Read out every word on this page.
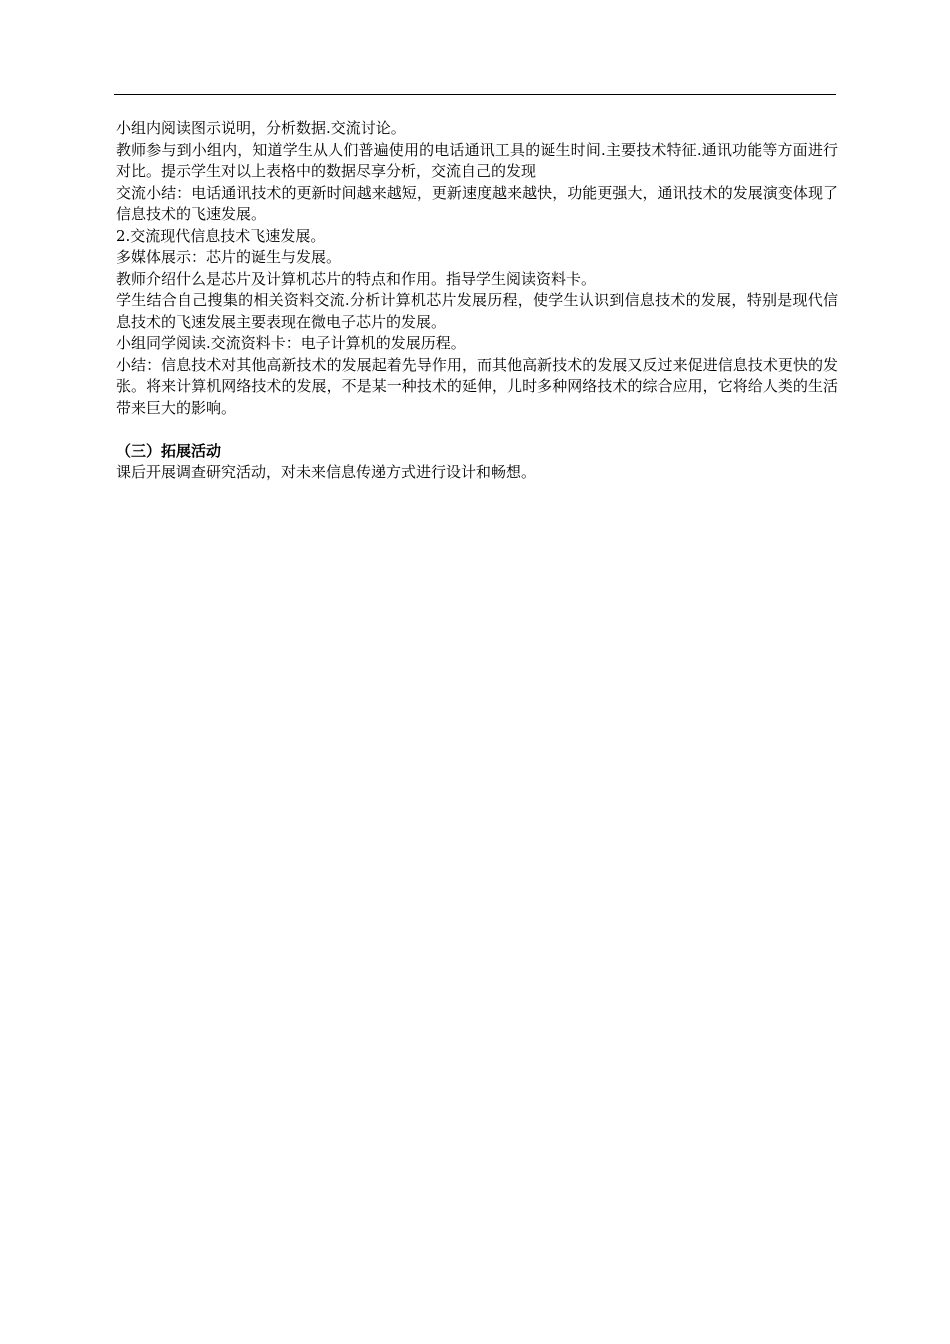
小组内阅读图示说明，分析数据.交流讨论。

教师参与到小组内，知道学生从人们普遍使用的电话通讯工具的诞生时间.主要技术特征.通讯功能等方面进行对比。提示学生对以上表格中的数据尽享分析，交流自己的发现

交流小结：电话通讯技术的更新时间越来越短，更新速度越来越快，功能更强大，通讯技术的发展演变体现了信息技术的飞速发展。

2.交流现代信息技术飞速发展。

多媒体展示：芯片的诞生与发展。

教师介绍什么是芯片及计算机芯片的特点和作用。指导学生阅读资料卡。

学生结合自己搜集的相关资料交流.分析计算机芯片发展历程，使学生认识到信息技术的发展，特别是现代信息技术的飞速发展主要表现在微电子芯片的发展。

小组同学阅读.交流资料卡：电子计算机的发展历程。

小结：信息技术对其他高新技术的发展起着先导作用，而其他高新技术的发展又反过来促进信息技术更快的发张。将来计算机网络技术的发展，不是某一种技术的延伸，儿时多种网络技术的综合应用，它将给人类的生活带来巨大的影响。

（三）拓展活动

课后开展调查研究活动，对未来信息传递方式进行设计和畅想。
